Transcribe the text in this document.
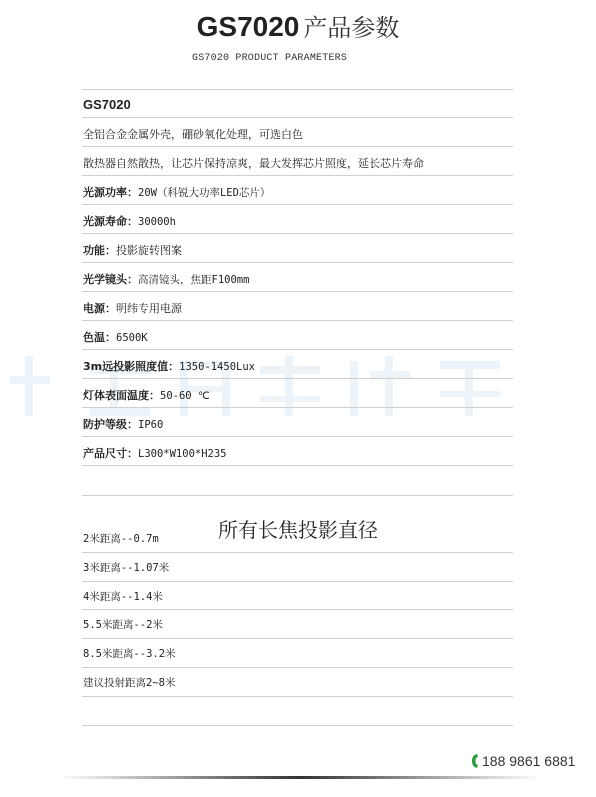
GS7020 产品参数
GS7020 PRODUCT PARAMETERS
GS7020
全铝合金金属外壳，硼砂氧化处理，可选白色
散热器自然散热，让芯片保持凉爽，最大发挥芯片照度，延长芯片寿命
光源功率：20W（科锐大功率LED芯片）
光源寿命：30000h
功能：投影旋转图案
光学镜头：高清镜头，焦距F100mm
电源：明纬专用电源
色温：6500K
3m远投影照度值：1350-1450Lux
灯体表面温度：50-60 ℃
防护等级：IP60
产品尺寸：L300*W100*H235
所有长焦投影直径
2米距离--0.7m
3米距离--1.07米
4米距离--1.4米
5.5米距离--2米
8.5米距离--3.2米
建议投射距离2~8米
188 9861 6881
